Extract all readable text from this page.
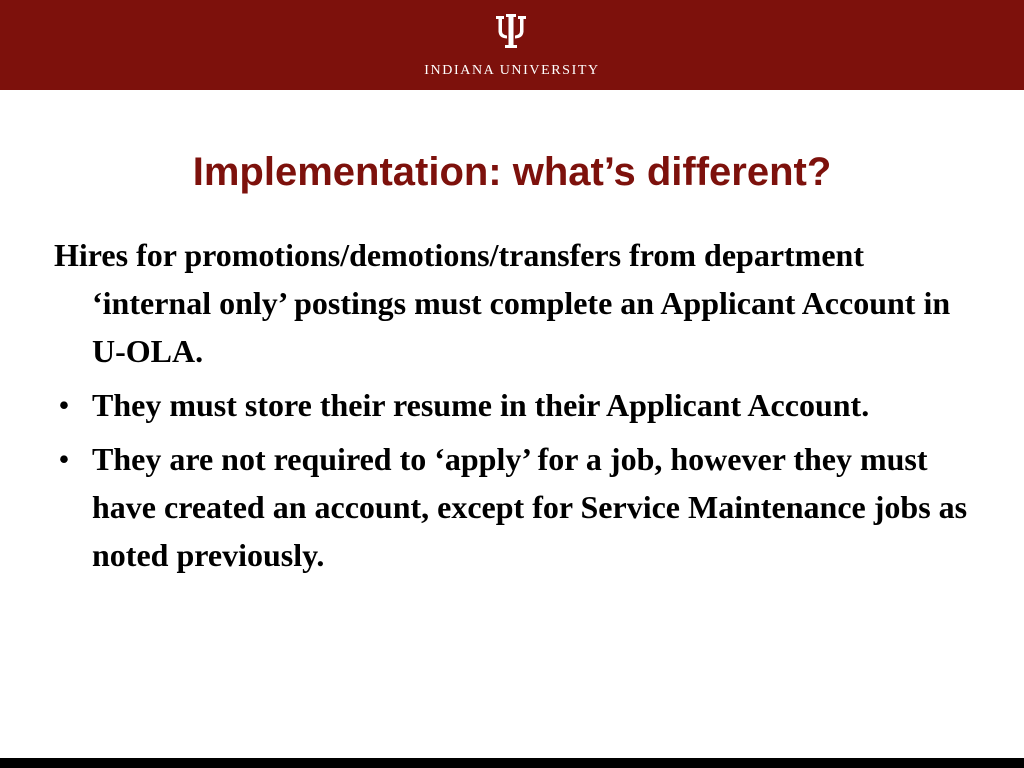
INDIANA UNIVERSITY
Implementation: what’s different?

Hires for promotions/demotions/transfers from department ‘internal only’ postings must complete an Applicant Account in U-OLA.

• They must store their resume in their Applicant Account.
• They are not required to ‘apply’ for a job, however they must have created an account, except for Service Maintenance jobs as noted previously.
